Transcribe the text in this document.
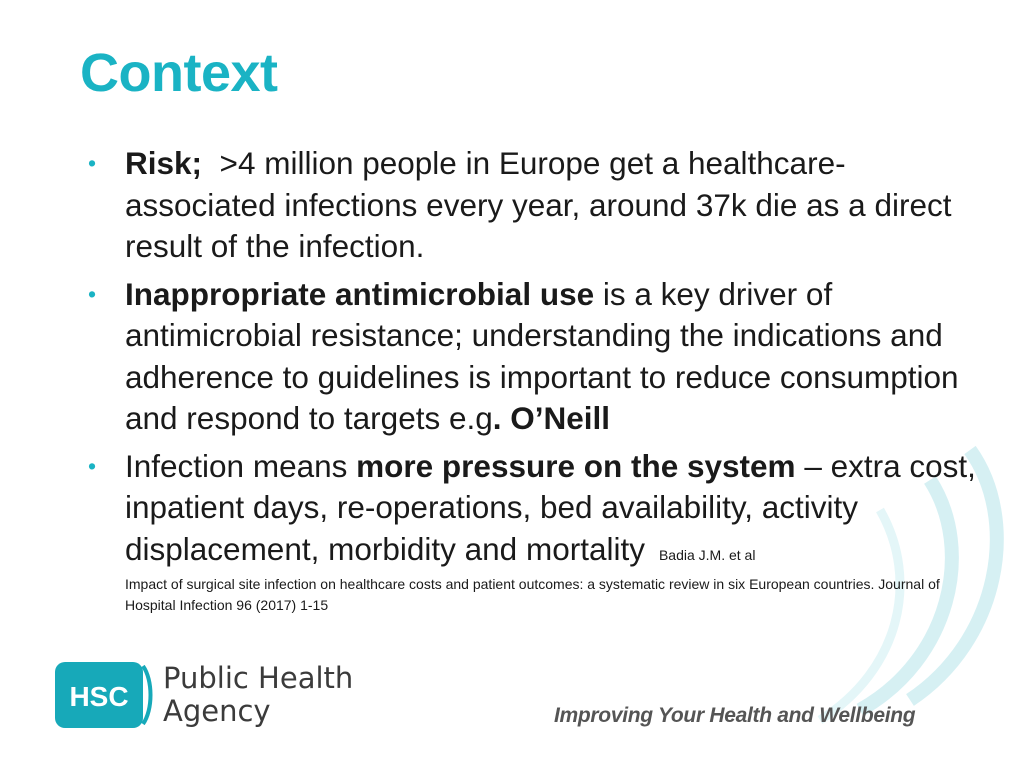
Context
• Risk; >4 million people in Europe get a healthcare-associated infections every year, around 37k die as a direct result of the infection.
• Inappropriate antimicrobial use is a key driver of antimicrobial resistance; understanding the indications and adherence to guidelines is important to reduce consumption and respond to targets e.g. O’Neill
• Infection means more pressure on the system – extra cost, inpatient days, re-operations, bed availability, activity displacement, morbidity and mortality Badia J.M. et al
Impact of surgical site infection on healthcare costs and patient outcomes: a systematic review in six European countries. Journal of Hospital Infection 96 (2017) 1-15
HSC
Public Health
Agency	Improving Your Health and Wellbeing
